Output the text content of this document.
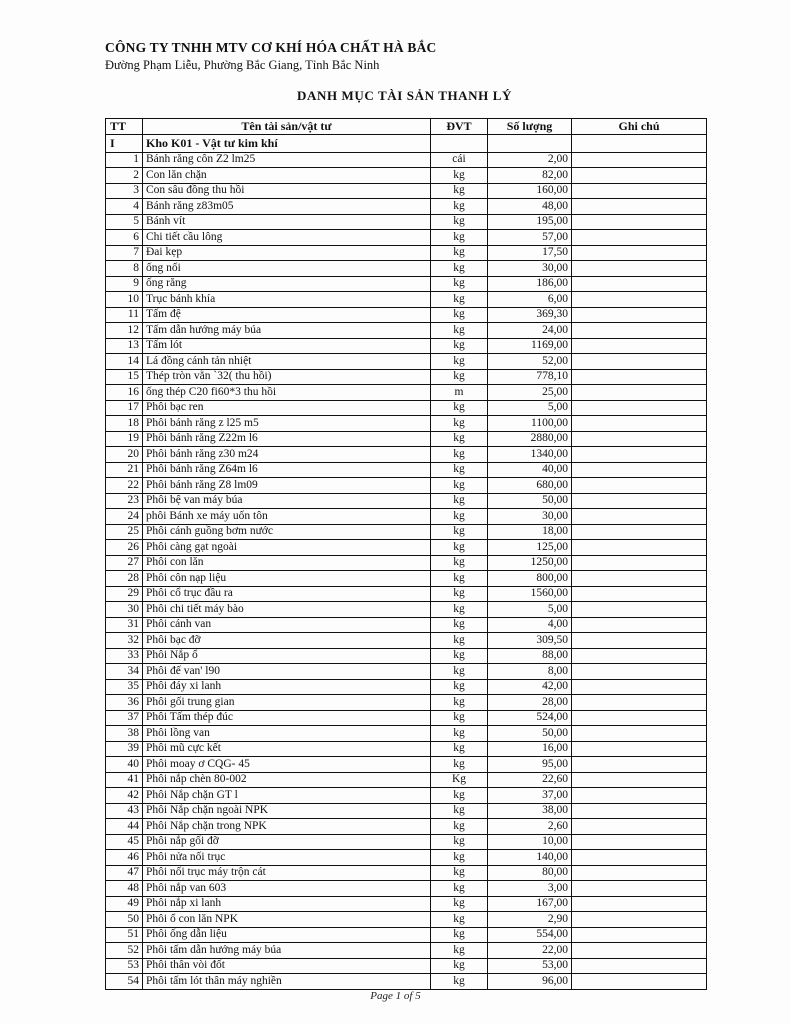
CÔNG TY TNHH MTV CƠ KHÍ HÓA CHẤT HÀ BẮC
Đường Phạm Liễu, Phường Bắc Giang, Tỉnh Bắc Ninh
DANH MỤC TÀI SẢN THANH LÝ
TT	Tên tài sản/vật tư	ĐVT	Số lượng	Ghi chú
I	Kho K01 - Vật tư kim khí			
1	Bánh răng côn Z2 lm25	cái	2,00	
2	Con lăn chặn	kg	82,00	
3	Con sâu đồng thu hồi	kg	160,00	
4	Bánh răng z83m05	kg	48,00	
5	Bánh vít	kg	195,00	
6	Chi tiết cầu lông	kg	57,00	
7	Đai kẹp	kg	17,50	
8	ống nối	kg	30,00	
9	ống răng	kg	186,00	
10	Trục bánh khía	kg	6,00	
11	Tấm đệ	kg	369,30	
12	Tấm dẫn hướng máy búa	kg	24,00	
13	Tấm lót	kg	1169,00	
14	Lá đồng cánh tản nhiệt	kg	52,00	
15	Thép tròn vằn `32( thu hồi)	kg	778,10	
16	ống thép C20 fi60*3 thu hồi	m	25,00	
17	Phôi bạc ren	kg	5,00	
18	Phôi bánh răng z l25 m5	kg	1100,00	
19	Phôi bánh răng Z22m l6	kg	2880,00	
20	Phôi bánh răng z30 m24	kg	1340,00	
21	Phôi bánh răng Z64m l6	kg	40,00	
22	Phôi bánh răng Z8 lm09	kg	680,00	
23	Phôi bệ van máy búa	kg	50,00	
24	phôi Bánh xe máy uốn tôn	kg	30,00	
25	Phôi cánh guồng bơm nước	kg	18,00	
26	Phôi càng gạt ngoài	kg	125,00	
27	Phôi con lăn	kg	1250,00	
28	Phôi côn nạp liệu	kg	800,00	
29	Phôi cổ trục đầu ra	kg	1560,00	
30	Phôi chi tiết máy bào	kg	5,00	
31	Phôi cánh van	kg	4,00	
32	Phôi bạc đỡ	kg	309,50	
33	Phôi Nắp ổ	kg	88,00	
34	Phôi đế van' l90	kg	8,00	
35	Phôi đáy xi lanh	kg	42,00	
36	Phôi gối trung gian	kg	28,00	
37	Phôi Tấm thép đúc	kg	524,00	
38	Phôi lồng van	kg	50,00	
39	Phôi mũ cực kết	kg	16,00	
40	Phôi moay ơ CQG- 45	kg	95,00	
41	Phôi nắp chèn 80-002	Kg	22,60	
42	Phôi Nắp chặn GT l	kg	37,00	
43	Phôi Nắp chặn ngoài NPK	kg	38,00	
44	Phôi Nắp chặn trong NPK	kg	2,60	
45	Phôi nắp gối đỡ	kg	10,00	
46	Phôi nửa nối trục	kg	140,00	
47	Phôi nối trục máy trộn cát	kg	80,00	
48	Phôi nắp van 603	kg	3,00	
49	Phôi nắp xi lanh	kg	167,00	
50	Phôi ổ con lăn NPK	kg	2,90	
51	Phôi ống dẫn liệu	kg	554,00	
52	Phôi tấm dẫn hướng máy búa	kg	22,00	
53	Phôi thân vòi đốt	kg	53,00	
54	Phôi tấm lót thân máy nghiền	kg	96,00	
Page 1 of 5
